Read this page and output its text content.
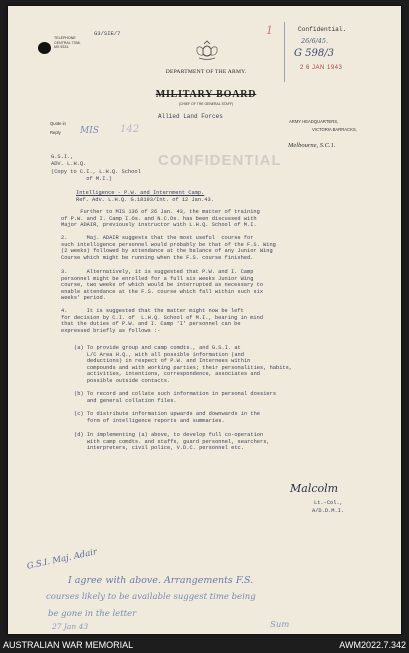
TELEPHONE
CENTRAL 7338.
MX 5331.
G3/SIE/7
DEPARTMENT OF THE ARMY.
MILITARY BOARD
(CHIEF OF THE GENERAL STAFF)
Allied Land Forces
Quote in
Reply	MIS 142
ARMY HEADQUARTERS,
VICTORIA BARRACKS,
Melbourne, S.C.1.
CONFIDENTIAL
1	Confidential.
26/6/45.
G 598/3
2 6 JAN 1943
G.S.I.,
ADV. L.H.Q.
(Copy to C.I., L.H.Q. School
of M.I.)
Intelligence - P.W. and Internment Camp.
Ref. Adv. L.H.Q. G.18193/Int. of 12 Jan.43.
Further to MIS 136 of 26 Jan. 43, the matter of training
of P.W. and I. Camp I.Os. and N.C.Os. has been discussed with
Major ADAIR, previously instructor with L.H.Q. School of M.I.
2.      Maj. ADAIR suggests that the most useful  course for
such intelligence personnel would probably be that of the F.S. Wing
(2 weeks) followed by attendance at the balance of any Junior Wing
Course which might be running when the F.S. course finished.
3.      Alternatively, it is suggested that P.W. and I. Camp
personnel might be enrolled for a full six weeks Junior Wing
course, two weeks of which would be interrupted as necessary to
enable attendance at the F.S. course which fall within such six
weeks' period.
4.      It is suggested that the matter might now be left
for decision by C.I. of  L.H.Q. School of M.I., bearing in mind
that the duties of P.W. and I. Camp 'I' personnel can be
expressed briefly as follows :-
(a) To provide group and camp comdts., and G.S.I. at
L/C Area H.Q., with all possible information (and
deductions) in respect of P.W. and Internees within
compounds and with working parties; their personalities, habits,
activities, intentions, correspondence, associates and
possible outside contacts.
(b) To record and collate such information in personal dossiers
and general collation files.
(c) To distribute information upwards and downwards in the
form of intelligence reports and summaries.
(d) In implementing (a) above, to develop full co-operation
with camp comdts. and staffs, guard personnel, searchers,
interpreters, civil police, V.D.C. personnel etc.
Malcolm
Lt.-Col.,
A/D.D.M.I.
G.S.I. Maj. Adair
I agree with above. Arrangements F.S.
courses likely to be available suggest time being
be gone in the letter
27 Jan 43	Sum
AUSTRALIAN WAR MEMORIAL	AWM2022.7.342
